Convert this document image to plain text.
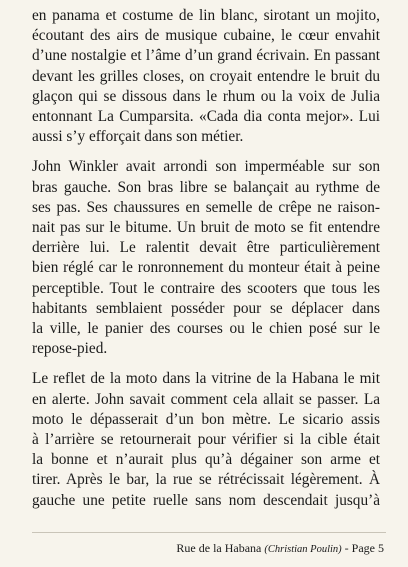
en panama et costume de lin blanc, sirotant un mojito,
écoutant des airs de musique cubaine, le cœur envahit
d’une nostalgie et l’âme d’un grand écrivain. En passant
devant les grilles closes, on croyait entendre le bruit du
glaçon qui se dissous dans le rhum ou la voix de Julia
entonnant La Cumparsita. «Cada dia conta mejor». Lui
aussi s’y efforçait dans son métier.

John Winkler avait arrondi son imperméable sur son
bras gauche. Son bras libre se balançait au rythme de
ses pas. Ses chaussures en semelle de crêpe ne raison-
nait pas sur le bitume. Un bruit de moto se fit entendre
derrière lui. Le ralentit devait être particulièrement
bien réglé car le ronronnement du monteur était à peine
perceptible. Tout le contraire des scooters que tous les
habitants semblaient posséder pour se déplacer dans
la ville, le panier des courses ou le chien posé sur le
repose-pied.

Le reflet de la moto dans la vitrine de la Habana le mit
en alerte. John savait comment cela allait se passer. La
moto le dépasserait d’un bon mètre. Le sicario assis
à l’arrière se retournerait pour vérifier si la cible était
la bonne et n’aurait plus qu’à dégainer son arme et
tirer. Après le bar, la rue se rétrécissait légèrement. À
gauche une petite ruelle sans nom descendait jusqu’à

Rue de la Habana (Christian Poulin) - Page 5
